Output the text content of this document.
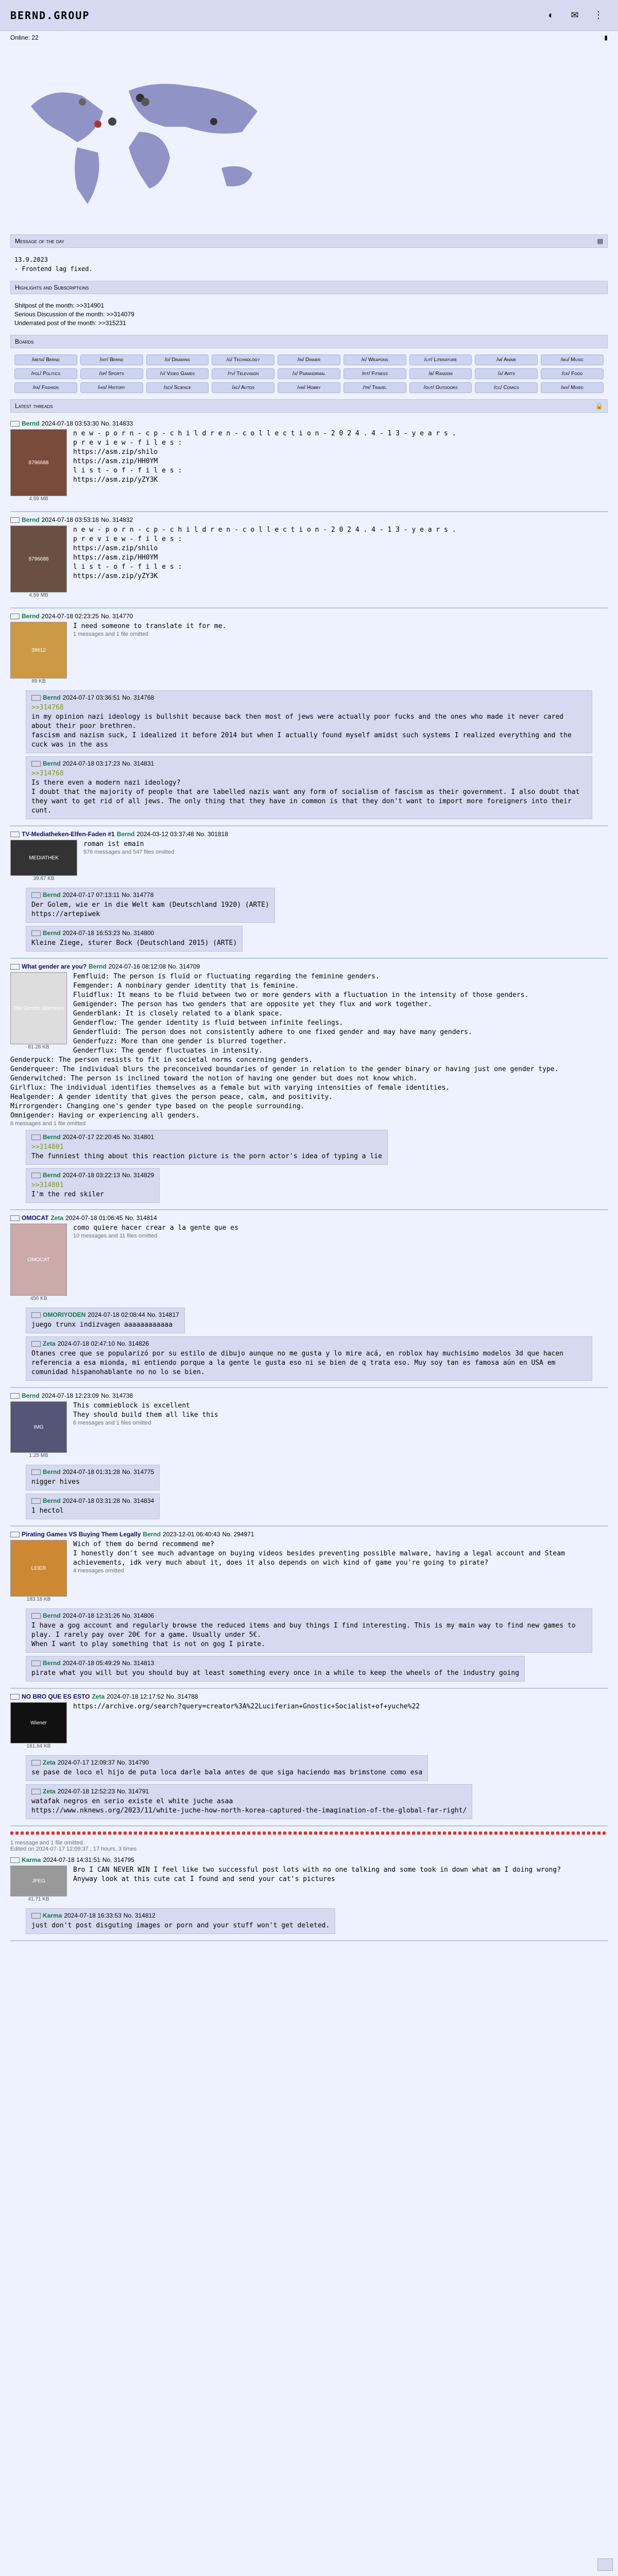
BERND.GROUP	◐	✉	⋮
Online: 22	▮
Message of the day	▤
13.9.2023
- Frontend lag fixed.
Highlights and Subscriptions
Shitpost of the month: >>314901
Serious Discussion of the month: >>314079
Underrated post of the month: >>315231
Boards
/meta/ Bernd	/int/ Bernd	/d/ Drawing	/g/ Technology	/in/ Dinner	/k/ Weapons	/lit/ Literature	/m/ Anime	/mu/ Music
/pol/ Politics	/sp/ Sports	/v/ Video Games	/tv/ Television	/x/ Paranormal	/fit/ Fitness	/b/ Random	/a/ Arts	/ck/ Food
/fa/ Fashion	/his/ History	/sci/ Science	/ac/ Autos	/hr/ Hobby	/tr/ Travel	/out/ Outdoors	/cc/ Comics	/mx/ Mixed
Latest threads	🔒
Bernd 2024-07-18 03:53:30 No. 314833
8796688
4.59 MB
n e w - p o r n - c p - c h i l d r e n - c o l l e c t i o n - 2 0 2 4 . 4 - 1 3 - y e a r s .
p r e v i e w - f i l e s :
https://asm.zip/shilo
https://asm.zip/HH0YM
l i s t - o f - f i l e s :
https://asm.zip/yZY3K

Bernd 2024-07-18 03:53:18 No. 314832
8796688
4.59 MB
n e w - p o r n - c p - c h i l d r e n - c o l l e c t i o n - 2 0 2 4 . 4 - 1 3 - y e a r s .
p r e v i e w - f i l e s :
https://asm.zip/shilo
https://asm.zip/HH0YM
l i s t - o f - f i l e s :
https://asm.zip/yZY3K

Bernd 2024-07-18 02:23:25 No. 314770
38612
89 KB
I need someone to translate it for me.

1 messages and 1 file omitted
Bernd 2024-07-17 03:36:51 No. 314768
>>314768
in my opinion nazi ideology is bullshit because back then most of jews were actually poor fucks and the ones who made it never cared about their poor brethren.
fascism and nazism suck, I idealized it before 2014 but when I actually found myself amidst such systems I realized everything and the cuck was in the ass

Bernd 2024-07-18 03:17:23 No. 314831
>>314768
Is there even a modern nazi ideology?
I doubt that the majority of people that are labelled nazis want any form of socialism of fascism as their government. I also doubt that they want to get rid of all jews. The only thing that they have in common is that they don't want to import more foreigners into their cunt.

TV-Mediatheken-Elfen-Faden #1 Bernd 2024-03-12 03:37:48 No. 301818
MEDIATHEK
39.67 KB
roman ist emain

976 messages and 547 files omitted
Bernd 2024-07-17 07:13:11 No. 314778
Der Golem, wie er in die Welt kam (Deutschland 1920) (ARTE)
https://artepiwek

Bernd 2024-07-18 16:53:23 No. 314800
Kleine Ziege, sturer Bock (Deutschland 2015) (ARTE)

What gender are you? Bernd 2024-07-16 08:12:08 No. 314709
The Gender Spectrum
81.28 KB
Femfluid: The person is fluid or fluctuating regarding the feminine genders.
Femgender: A nonbinary gender identity that is feminine.
Fluidflux: It means to be fluid between two or more genders with a fluctuation in the intensity of those genders.
Gemigender: The person has two genders that are opposite yet they flux and work together.
Genderblank: It is closely related to a blank space.
Genderflow: The gender identity is fluid between infinite feelings.
Genderfluid: The person does not consistently adhere to one fixed gender and may have many genders.
Genderfuzz: More than one gender is blurred together.
Genderflux: The gender fluctuates in intensity.
Genderpuck: The person resists to fit in societal norms concerning genders.
Genderqueer: The individual blurs the preconceived boundaries of gender in relation to the gender binary or having just one gender type.
Genderwitched: The person is inclined toward the notion of having one gender but does not know which.
Girlflux: The individual identifies themselves as a female but with varying intensities of female identities.
Healgender: A gender identity that gives the person peace, calm, and positivity.
Mirrorgender: Changing one's gender type based on the people surrounding.
Omnigender: Having or experiencing all genders.

6 messages and 1 file omitted
Bernd 2024-07-17 22:20:45 No. 314801
>>314801
The funniest thing about this reaction picture is the porn actor's idea of typing a lie

Bernd 2024-07-18 03:22:13 No. 314829
>>314801
I'm the red skiler

OMOCAT Zeta 2024-07-18 01:06:45 No. 314814
OMOCAT
456 KB
como quiere hacer crear a la gente que es

10 messages and 11 files omitted
OMORIYODEN 2024-07-18 02:08:44 No. 314817
juego trunx indizvagen aaaaaaaaaaaa

Zeta 2024-07-18 02:47:10 No. 314826
Otanes cree que se popularizó por su estilo de dibujo aunque no me gusta y lo mire acá, en roblox hay muchisimo modelos 3d que hacen referencia a esa mionda, mi entiendo porque a la gente le gusta eso ni se bien de q trata eso. Muy soy tan es famosa aún en USA em comunidad hispanohablante no no lo se bien.

Bernd 2024-07-18 12:23:09 No. 314738
IMG
1.25 MB
This commieblock is excellent
They should build them all like this

6 messages and 1 files omitted
Bernd 2024-07-18 01:31:28 No. 314775
nigger hives

Bernd 2024-07-18 03:31:28 No. 314834
1 hectol

Pirating Games VS Buying Them Legally Bernd 2023-12-01 06:40:43 No. 294971
LEIER
183.18 KB
Wich of them do bernd recommend me?
I honestly don't see much advantage on buying videos besides preventing possible malware, having a legal account and Steam achievements, idk very much about it, does it also depends on wich kind of game you're going to pirate?

4 messages omitted
Bernd 2024-07-18 12:31:26 No. 314806
I have a gog account and regularly browse the reduced items and buy things I find interesting. This is my main way to find new games to play. I rarely pay over 20€ for a game. Usually under 5€.
When I want to play something that is not on gog I pirate.

Bernd 2024-07-18 05:49:29 No. 314813
pirate what you will but you should buy at least something every once in a while to keep the wheels of the industry going

NO BRO QUE ES ESTO Zeta 2024-07-18 12:17:52 No. 314788
Wiener
161.64 KB
https://archive.org/search?query=creator%3A%22Luciferian+Gnostic+Socialist+of+yuche%22

Zeta 2024-07-17 12:09:37 No. 314790
se pase de loco el hijo de puta loca darle bala antes de que siga haciendo mas brimstone como esa

Zeta 2024-07-18 12:52:23 No. 314791
watafak negros en serio existe el white juche asaa
https://www.nknews.org/2023/11/white-juche-how-north-korea-captured-the-imagination-of-the-global-far-right/

1 message and 1 file omitted.
Edited on 2024-07-17 12:09:37 , 17 hours, 3 times
Karma 2024-07-18 14:31:51 No. 314795
JPEG
41.71 KB
Bro I CAN NEVER WIN I feel like two successful post lots with no one talking and some took in down what am I doing wrong?
Anyway look at this cute cat I found and send your cat's pictures

Karma 2024-07-18 16:33:53 No. 314812
just don't post disguting images or porn and your stuff won't get deleted.
